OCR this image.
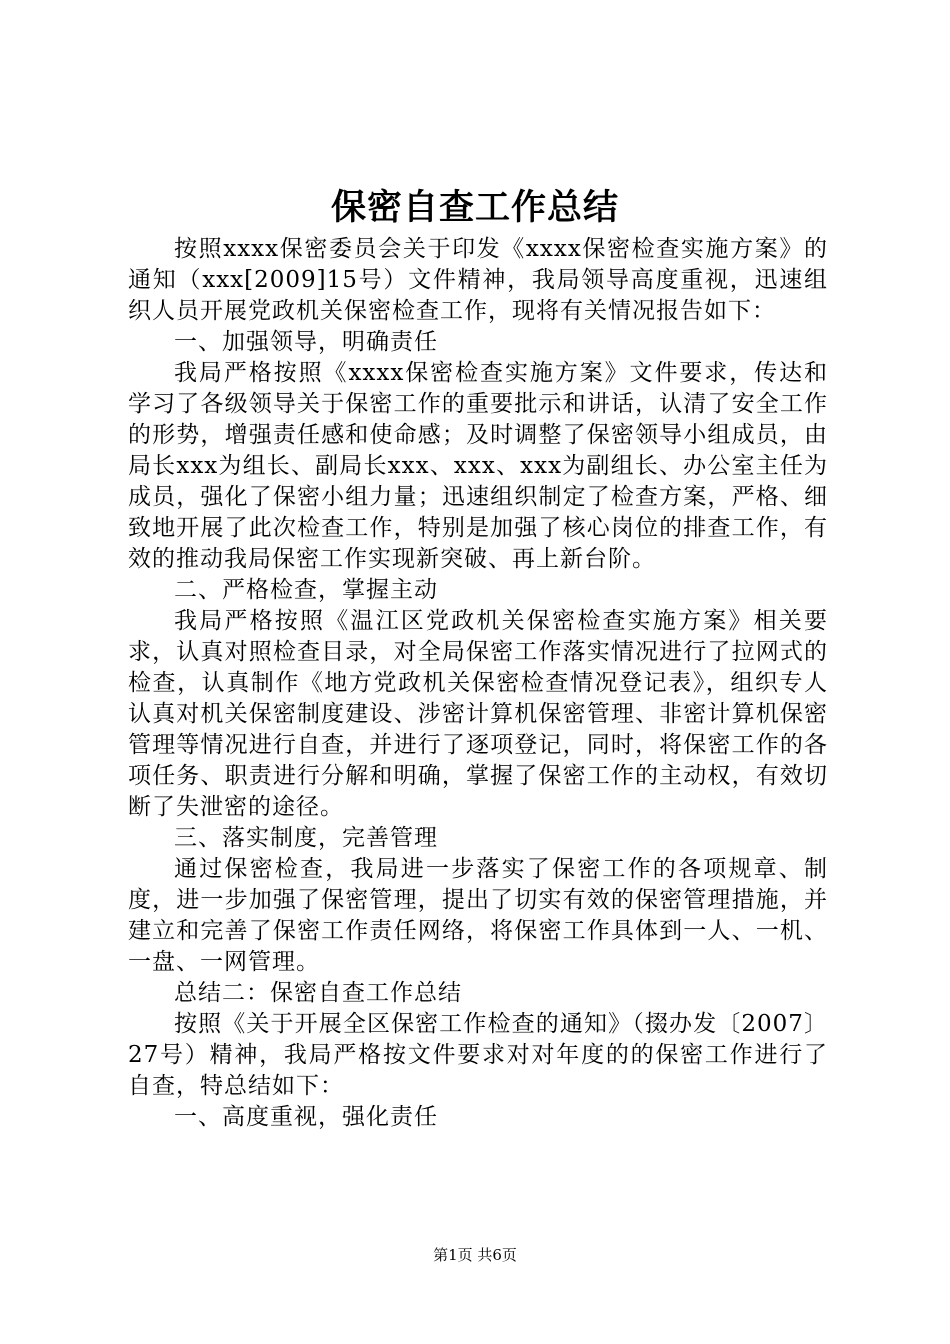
保密自查工作总结

按照xxxx保密委员会关于印发《xxxx保密检查实施方案》的通知（xxx[2009]15号）文件精神，我局领导高度重视，迅速组织人员开展党政机关保密检查工作，现将有关情况报告如下：

一、加强领导，明确责任

我局严格按照《xxxx保密检查实施方案》文件要求，传达和学习了各级领导关于保密工作的重要批示和讲话，认清了安全工作的形势，增强责任感和使命感；及时调整了保密领导小组成员，由局长xxx为组长、副局长xxx、xxx、xxx为副组长、办公室主任为成员，强化了保密小组力量；迅速组织制定了检查方案，严格、细致地开展了此次检查工作，特别是加强了核心岗位的排查工作，有效的推动我局保密工作实现新突破、再上新台阶。

二、严格检查，掌握主动

我局严格按照《温江区党政机关保密检查实施方案》相关要求，认真对照检查目录，对全局保密工作落实情况进行了拉网式的检查，认真制作《地方党政机关保密检查情况登记表》，组织专人认真对机关保密制度建设、涉密计算机保密管理、非密计算机保密管理等情况进行自查，并进行了逐项登记，同时，将保密工作的各项任务、职责进行分解和明确，掌握了保密工作的主动权，有效切断了失泄密的途径。

三、落实制度，完善管理

通过保密检查，我局进一步落实了保密工作的各项规章、制度，进一步加强了保密管理，提出了切实有效的保密管理措施，并建立和完善了保密工作责任网络，将保密工作具体到一人、一机、一盘、一网管理。

总结二：保密自查工作总结

按照《关于开展全区保密工作检查的通知》（掇办发〔2007〕27号）精神，我局严格按文件要求对对年度的的保密工作进行了自查，特总结如下：

一、高度重视，强化责任

第1页 共6页
